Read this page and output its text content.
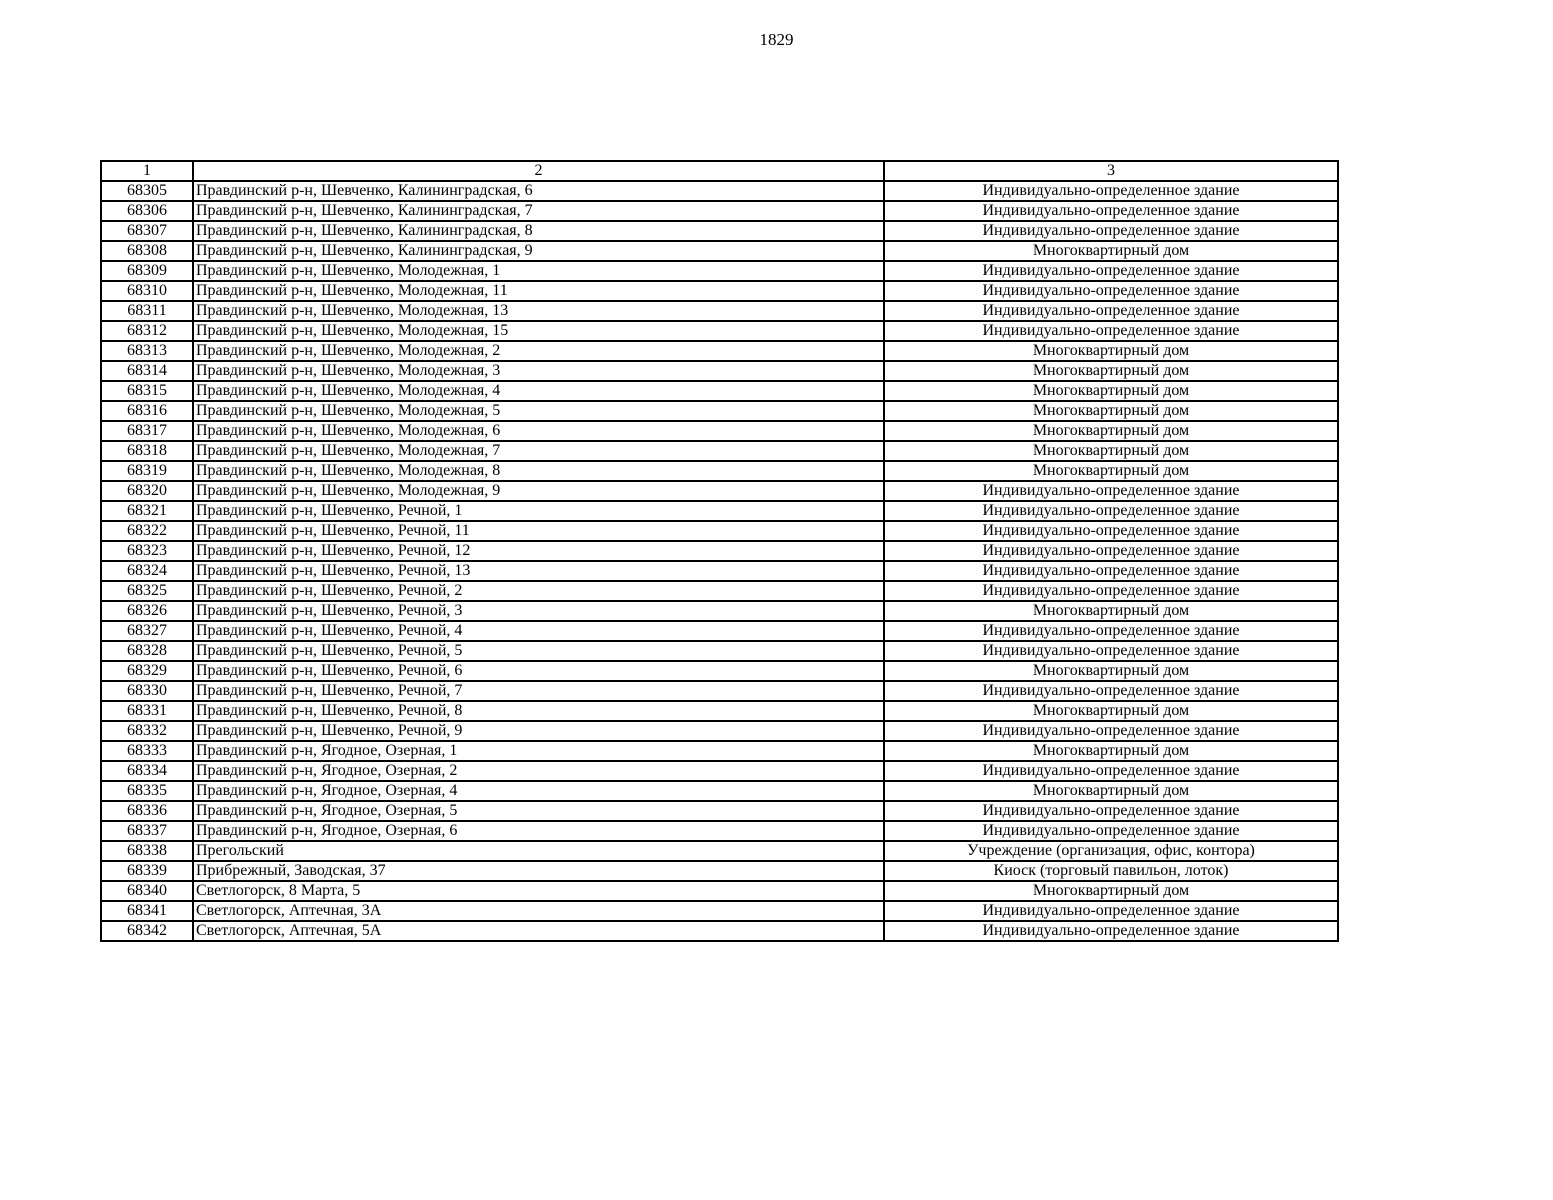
1829
1	2	3
68305	Правдинский р-н, Шевченко, Калининградская, 6	Индивидуально-определенное здание
68306	Правдинский р-н, Шевченко, Калининградская, 7	Индивидуально-определенное здание
68307	Правдинский р-н, Шевченко, Калининградская, 8	Индивидуально-определенное здание
68308	Правдинский р-н, Шевченко, Калининградская, 9	Многоквартирный дом
68309	Правдинский р-н, Шевченко, Молодежная, 1	Индивидуально-определенное здание
68310	Правдинский р-н, Шевченко, Молодежная, 11	Индивидуально-определенное здание
68311	Правдинский р-н, Шевченко, Молодежная, 13	Индивидуально-определенное здание
68312	Правдинский р-н, Шевченко, Молодежная, 15	Индивидуально-определенное здание
68313	Правдинский р-н, Шевченко, Молодежная, 2	Многоквартирный дом
68314	Правдинский р-н, Шевченко, Молодежная, 3	Многоквартирный дом
68315	Правдинский р-н, Шевченко, Молодежная, 4	Многоквартирный дом
68316	Правдинский р-н, Шевченко, Молодежная, 5	Многоквартирный дом
68317	Правдинский р-н, Шевченко, Молодежная, 6	Многоквартирный дом
68318	Правдинский р-н, Шевченко, Молодежная, 7	Многоквартирный дом
68319	Правдинский р-н, Шевченко, Молодежная, 8	Многоквартирный дом
68320	Правдинский р-н, Шевченко, Молодежная, 9	Индивидуально-определенное здание
68321	Правдинский р-н, Шевченко, Речной, 1	Индивидуально-определенное здание
68322	Правдинский р-н, Шевченко, Речной, 11	Индивидуально-определенное здание
68323	Правдинский р-н, Шевченко, Речной, 12	Индивидуально-определенное здание
68324	Правдинский р-н, Шевченко, Речной, 13	Индивидуально-определенное здание
68325	Правдинский р-н, Шевченко, Речной, 2	Индивидуально-определенное здание
68326	Правдинский р-н, Шевченко, Речной, 3	Многоквартирный дом
68327	Правдинский р-н, Шевченко, Речной, 4	Индивидуально-определенное здание
68328	Правдинский р-н, Шевченко, Речной, 5	Индивидуально-определенное здание
68329	Правдинский р-н, Шевченко, Речной, 6	Многоквартирный дом
68330	Правдинский р-н, Шевченко, Речной, 7	Индивидуально-определенное здание
68331	Правдинский р-н, Шевченко, Речной, 8	Многоквартирный дом
68332	Правдинский р-н, Шевченко, Речной, 9	Индивидуально-определенное здание
68333	Правдинский р-н, Ягодное, Озерная, 1	Многоквартирный дом
68334	Правдинский р-н, Ягодное, Озерная, 2	Индивидуально-определенное здание
68335	Правдинский р-н, Ягодное, Озерная, 4	Многоквартирный дом
68336	Правдинский р-н, Ягодное, Озерная, 5	Индивидуально-определенное здание
68337	Правдинский р-н, Ягодное, Озерная, 6	Индивидуально-определенное здание
68338	Прегольский	Учреждение (организация, офис, контора)
68339	Прибрежный, Заводская, 37	Киоск (торговый павильон, лоток)
68340	Светлогорск, 8 Марта, 5	Многоквартирный дом
68341	Светлогорск, Аптечная, 3А	Индивидуально-определенное здание
68342	Светлогорск, Аптечная, 5А	Индивидуально-определенное здание
